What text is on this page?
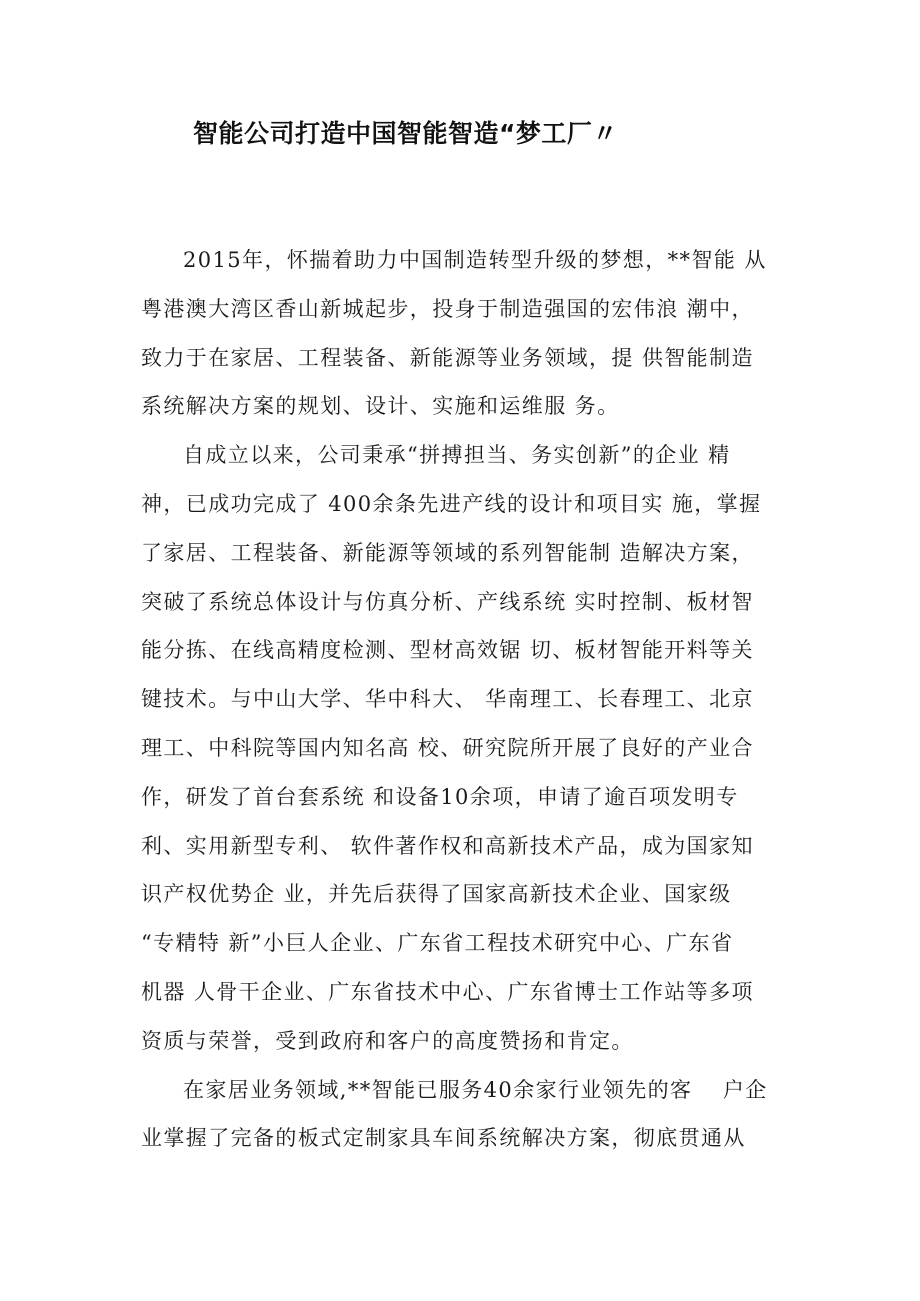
智能公司打造中国智能智造“梦工厂〃
2015年，怀揣着助力中国制造转型升级的梦想，**智能 从
粤港澳大湾区香山新城起步，投身于制造强国的宏伟浪 潮中，
致力于在家居、工程装备、新能源等业务领域，提 供智能制造
系统解决方案的规划、设计、实施和运维服 务。
自成立以来，公司秉承“拼搏担当、务实创新”的企业 精
神，已成功完成了 400余条先进产线的设计和项目实 施，掌握
了家居、工程装备、新能源等领域的系列智能制 造解决方案，
突破了系统总体设计与仿真分析、产线系统 实时控制、板材智
能分拣、在线高精度检测、型材高效锯 切、板材智能开料等关
键技术。与中山大学、华中科大、 华南理工、长春理工、北京
理工、中科院等国内知名高 校、研究院所开展了良好的产业合
作，研发了首台套系统 和设备10余项，申请了逾百项发明专
利、实用新型专利、 软件著作权和高新技术产品，成为国家知
识产权优势企 业，并先后获得了国家高新技术企业、国家级
“专精特 新”小巨人企业、广东省工程技术研究中心、广东省
机器 人骨干企业、广东省技术中心、广东省博士工作站等多项
资质与荣誉，受到政府和客户的高度赞扬和肯定。
在家居业务领域,**智能已服务40余家行业领先的客　 户企
业掌握了完备的板式定制家具车间系统解决方案，彻底贯通从
